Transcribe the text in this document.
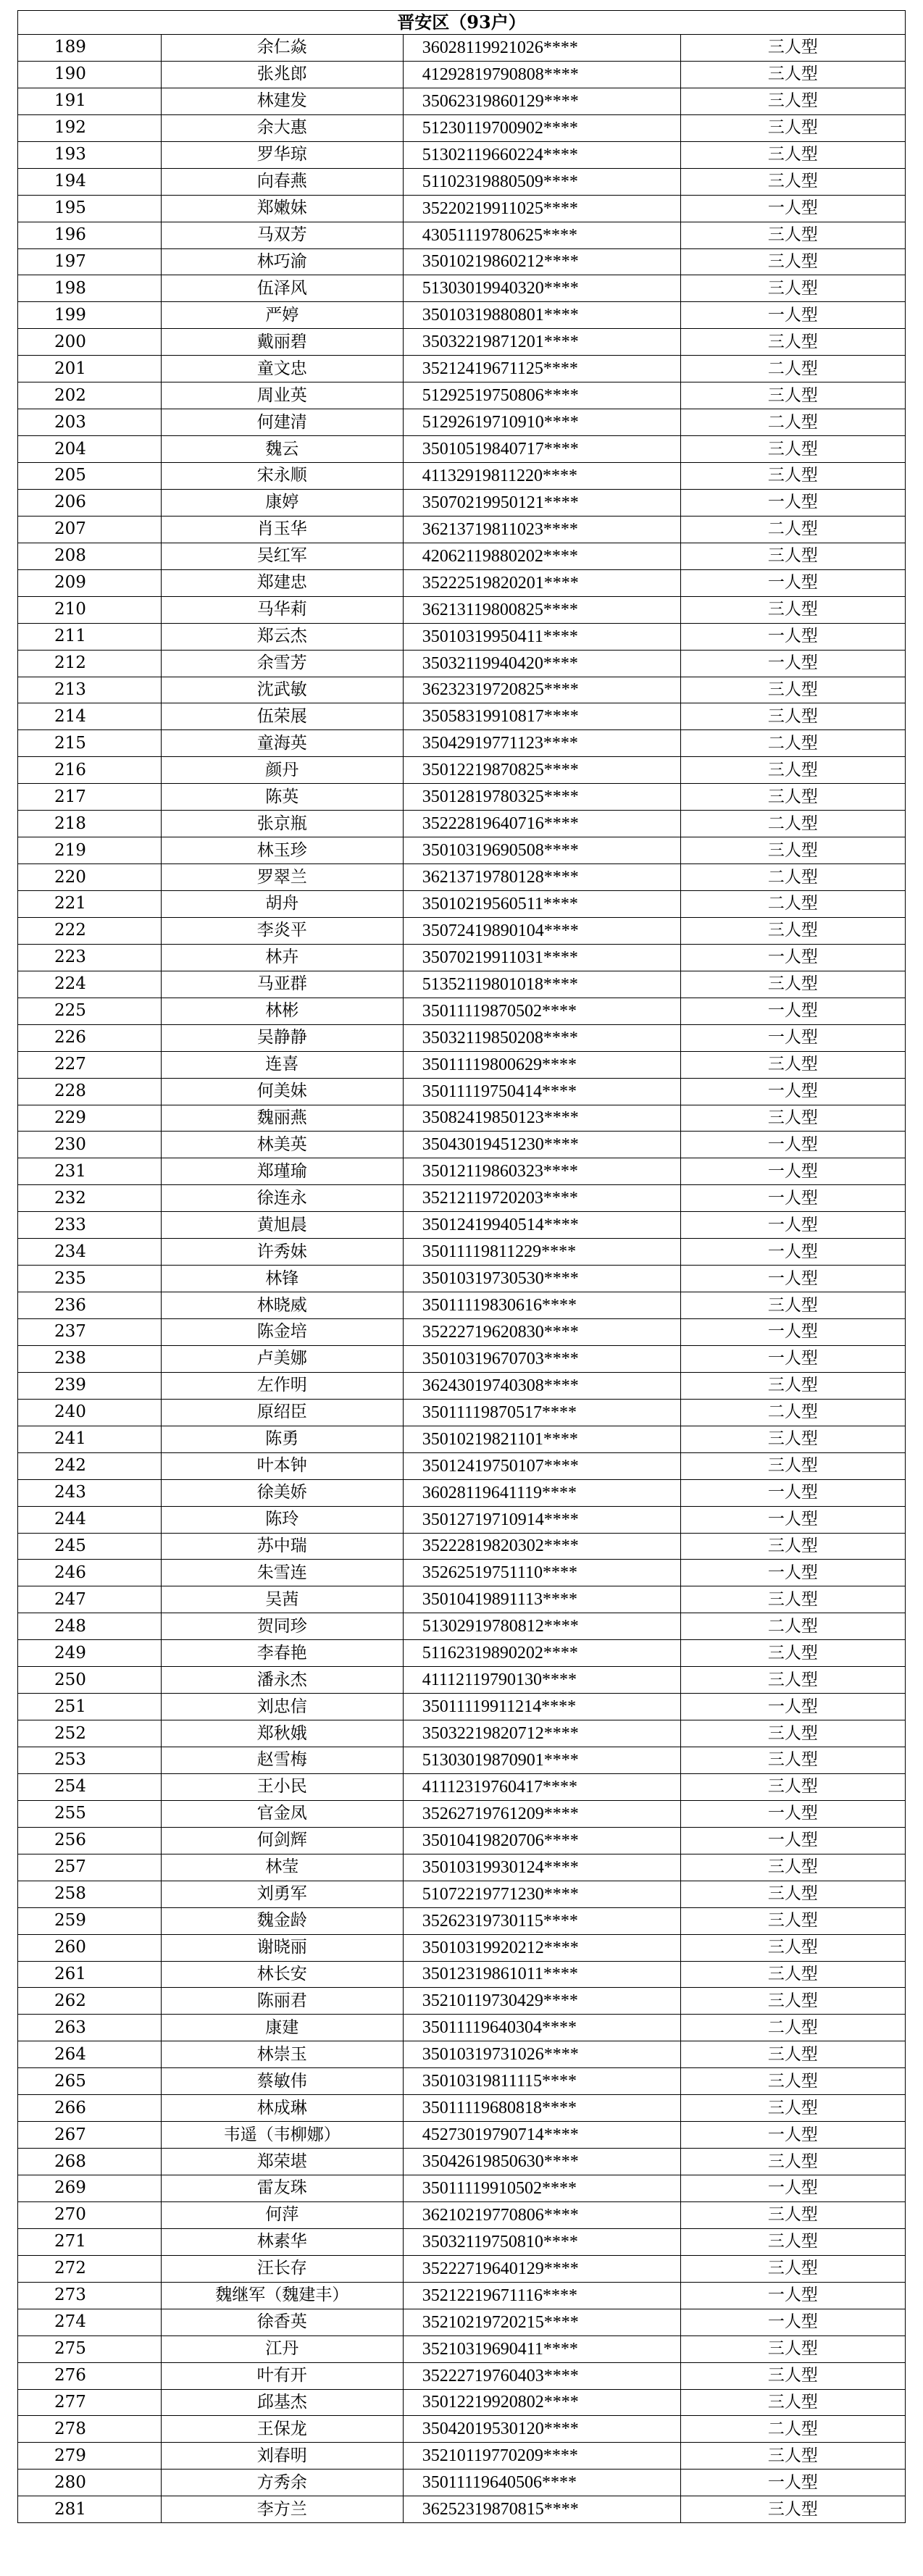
晋安区（93户）			
189	余仁焱	36028119921026****	三人型
190	张兆郎	41292819790808****	三人型
191	林建发	35062319860129****	三人型
192	余大惠	51230119700902****	三人型
193	罗华琼	51302119660224****	三人型
194	向春燕	51102319880509****	三人型
195	郑嫩妹	35220219911025****	一人型
196	马双芳	43051119780625****	三人型
197	林巧渝	35010219860212****	三人型
198	伍泽风	51303019940320****	三人型
199	严婷	35010319880801****	一人型
200	戴丽碧	35032219871201****	三人型
201	童文忠	35212419671125****	二人型
202	周业英	51292519750806****	三人型
203	何建清	51292619710910****	二人型
204	魏云	35010519840717****	三人型
205	宋永顺	41132919811220****	三人型
206	康婷	35070219950121****	一人型
207	肖玉华	36213719811023****	二人型
208	吴红军	42062119880202****	三人型
209	郑建忠	35222519820201****	一人型
210	马华莉	36213119800825****	三人型
211	郑云杰	35010319950411****	一人型
212	余雪芳	35032119940420****	一人型
213	沈武敏	36232319720825****	三人型
214	伍荣展	35058319910817****	三人型
215	童海英	35042919771123****	二人型
216	颜丹	35012219870825****	三人型
217	陈英	35012819780325****	三人型
218	张京瓶	35222819640716****	二人型
219	林玉珍	35010319690508****	三人型
220	罗翠兰	36213719780128****	二人型
221	胡舟	35010219560511****	二人型
222	李炎平	35072419890104****	三人型
223	林卉	35070219911031****	一人型
224	马亚群	51352119801018****	三人型
225	林彬	35011119870502****	一人型
226	吴静静	35032119850208****	一人型
227	连喜	35011119800629****	三人型
228	何美妹	35011119750414****	一人型
229	魏丽燕	35082419850123****	三人型
230	林美英	35043019451230****	一人型
231	郑瑾瑜	35012119860323****	一人型
232	徐连永	35212119720203****	一人型
233	黄旭晨	35012419940514****	一人型
234	许秀妹	35011119811229****	一人型
235	林锋	35010319730530****	一人型
236	林晓威	35011119830616****	三人型
237	陈金培	35222719620830****	一人型
238	卢美娜	35010319670703****	一人型
239	左作明	36243019740308****	三人型
240	原绍臣	35011119870517****	二人型
241	陈勇	35010219821101****	三人型
242	叶本钟	35012419750107****	三人型
243	徐美娇	36028119641119****	一人型
244	陈玲	35012719710914****	一人型
245	苏中瑞	35222819820302****	三人型
246	朱雪连	35262519751110****	一人型
247	吴茜	35010419891113****	三人型
248	贺同珍	51302919780812****	二人型
249	李春艳	51162319890202****	三人型
250	潘永杰	41112119790130****	三人型
251	刘忠信	35011119911214****	一人型
252	郑秋娥	35032219820712****	三人型
253	赵雪梅	51303019870901****	三人型
254	王小民	41112319760417****	三人型
255	官金凤	35262719761209****	一人型
256	何剑辉	35010419820706****	一人型
257	林莹	35010319930124****	三人型
258	刘勇军	51072219771230****	三人型
259	魏金龄	35262319730115****	三人型
260	谢晓丽	35010319920212****	三人型
261	林长安	35012319861011****	三人型
262	陈丽君	35210119730429****	三人型
263	康建	35011119640304****	二人型
264	林崇玉	35010319731026****	三人型
265	蔡敏伟	35010319811115****	三人型
266	林成琳	35011119680818****	三人型
267	韦遥（韦柳娜）	45273019790714****	一人型
268	郑荣堪	35042619850630****	三人型
269	雷友珠	35011119910502****	一人型
270	何萍	36210219770806****	三人型
271	林素华	35032119750810****	三人型
272	汪长存	35222719640129****	三人型
273	魏继军（魏建丰）	35212219671116****	一人型
274	徐香英	35210219720215****	一人型
275	江丹	35210319690411****	三人型
276	叶有开	35222719760403****	三人型
277	邱基杰	35012219920802****	三人型
278	王保龙	35042019530120****	二人型
279	刘春明	35210119770209****	三人型
280	方秀余	35011119640506****	一人型
281	李方兰	36252319870815****	三人型
